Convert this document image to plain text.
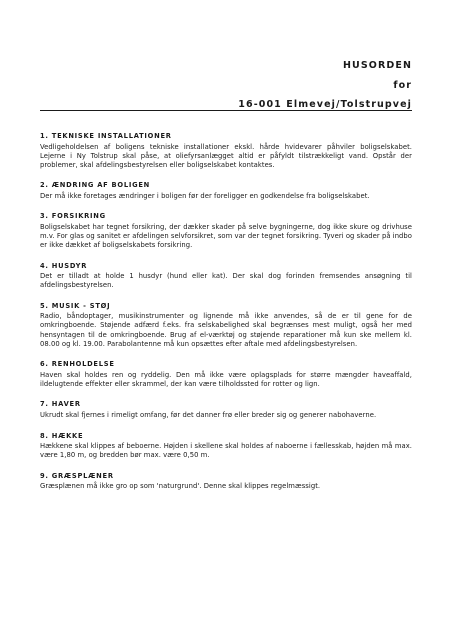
HUSORDEN
for
16-001 Elmevej/Tolstrupvej
1. TEKNISKE INSTALLATIONER

Vedligeholdelsen af boligens tekniske installationer ekskl. hårde hvidevarer påhviler boligselskabet. Lejerne i Ny Tolstrup skal påse, at oliefyrsanlægget altid er påfyldt tilstrækkeligt vand. Opstår der problemer, skal afdelingsbestyrelsen eller boligselskabet kontaktes.

2. ÆNDRING AF BOLIGEN

Der må ikke foretages ændringer i boligen før der foreligger en godkendelse fra boligselskabet.

3. FORSIKRING

Boligselskabet har tegnet forsikring, der dækker skader på selve bygningerne, dog ikke skure og drivhuse m.v. For glas og sanitet er afdelingen selvforsikret, som var der tegnet forsikring. Tyveri og skader på indbo er ikke dækket af boligselskabets forsikring.

4. HUSDYR

Det er tilladt at holde 1 husdyr (hund eller kat). Der skal dog forinden fremsendes ansøgning til afdelingsbestyrelsen.

5. MUSIK - STØJ

Radio, båndoptager, musikinstrumenter og lignende må ikke anvendes, så de er til gene for de omkringboende. Støjende adfærd f.eks. fra selskabelighed skal begrænses mest muligt, også her med hensyntagen til de omkringboende. Brug af el-værktøj og støjende reparationer må kun ske mellem kl. 08.00 og kl. 19.00. Parabolantenne må kun opsættes efter aftale med afdelingsbestyrelsen.

6. RENHOLDELSE

Haven skal holdes ren og ryddelig. Den må ikke være oplagsplads for større mængder haveaffald, ildelugtende effekter eller skrammel, der kan være tilholdssted for rotter og lign.

7. HAVER

Ukrudt skal fjernes i rimeligt omfang, før det danner frø eller breder sig og generer nabohaverne.

8. HÆKKE

Hækkene skal klippes af beboerne. Højden i skellene skal holdes af naboerne i fællesskab, højden må max. være 1,80 m, og bredden bør max. være 0,50 m.

9. GRÆSPLÆNER

Græsplænen må ikke gro op som 'naturgrund'. Denne skal klippes regelmæssigt.
